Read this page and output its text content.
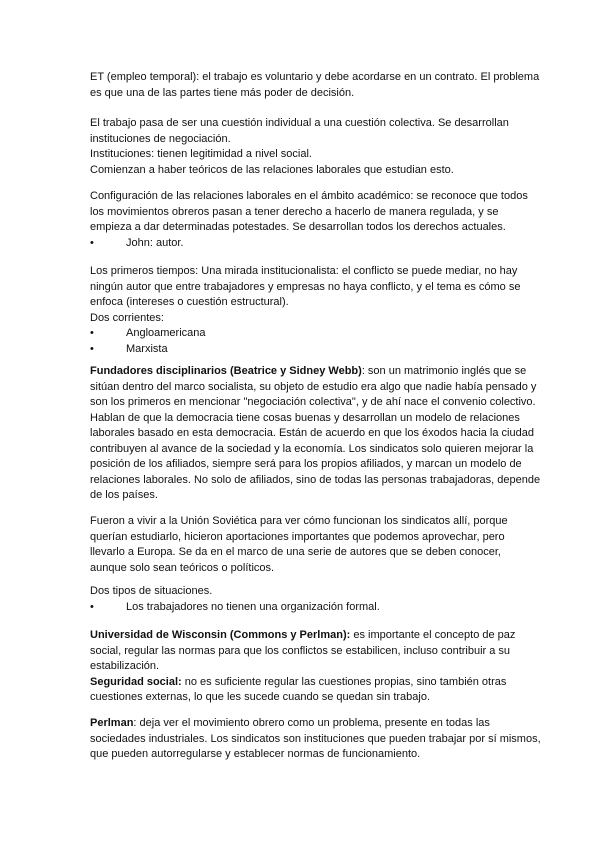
ET (empleo temporal): el trabajo es voluntario y debe acordarse en un contrato. El problema
es que una de las partes tiene más poder de decisión.
El trabajo pasa de ser una cuestión individual a una cuestión colectiva. Se desarrollan
instituciones de negociación.
Instituciones: tienen legitimidad a nivel social.
Comienzan a haber teóricos de las relaciones laborales que estudian esto.
Configuración de las relaciones laborales en el ámbito académico: se reconoce que todos
los movimientos obreros pasan a tener derecho a hacerlo de manera regulada, y se
empieza a dar determinadas potestades. Se desarrollan todos los derechos actuales.
•	John: autor.
Los primeros tiempos: Una mirada institucionalista: el conflicto se puede mediar, no hay
ningún autor que entre trabajadores y empresas no haya conflicto, y el tema es cómo se
enfoca (intereses o cuestión estructural).
Dos corrientes:
•	Angloamericana
•	Marxista
Fundadores disciplinarios (Beatrice y Sidney Webb): son un matrimonio inglés que se
sitúan dentro del marco socialista, su objeto de estudio era algo que nadie había pensado y
son los primeros en mencionar "negociación colectiva", y de ahí nace el convenio colectivo.
Hablan de que la democracia tiene cosas buenas y desarrollan un modelo de relaciones
laborales basado en esta democracia. Están de acuerdo en que los éxodos hacia la ciudad
contribuyen al avance de la sociedad y la economía. Los sindicatos solo quieren mejorar la
posición de los afiliados, siempre será para los propios afiliados, y marcan un modelo de
relaciones laborales. No solo de afiliados, sino de todas las personas trabajadoras, depende
de los países.
Fueron a vivir a la Unión Soviética para ver cómo funcionan los sindicatos allí, porque
querían estudiarlo, hicieron aportaciones importantes que podemos aprovechar, pero
llevarlo a Europa. Se da en el marco de una serie de autores que se deben conocer,
aunque solo sean teóricos o políticos.
Dos tipos de situaciones.
•	Los trabajadores no tienen una organización formal.
Universidad de Wisconsin (Commons y Perlman): es importante el concepto de paz
social, regular las normas para que los conflictos se estabilicen, incluso contribuir a su
estabilización.
Seguridad social: no es suficiente regular las cuestiones propias, sino también otras
cuestiones externas, lo que les sucede cuando se quedan sin trabajo.
Perlman: deja ver el movimiento obrero como un problema, presente en todas las
sociedades industriales. Los sindicatos son instituciones que pueden trabajar por sí mismos,
que pueden autorregularse y establecer normas de funcionamiento.
